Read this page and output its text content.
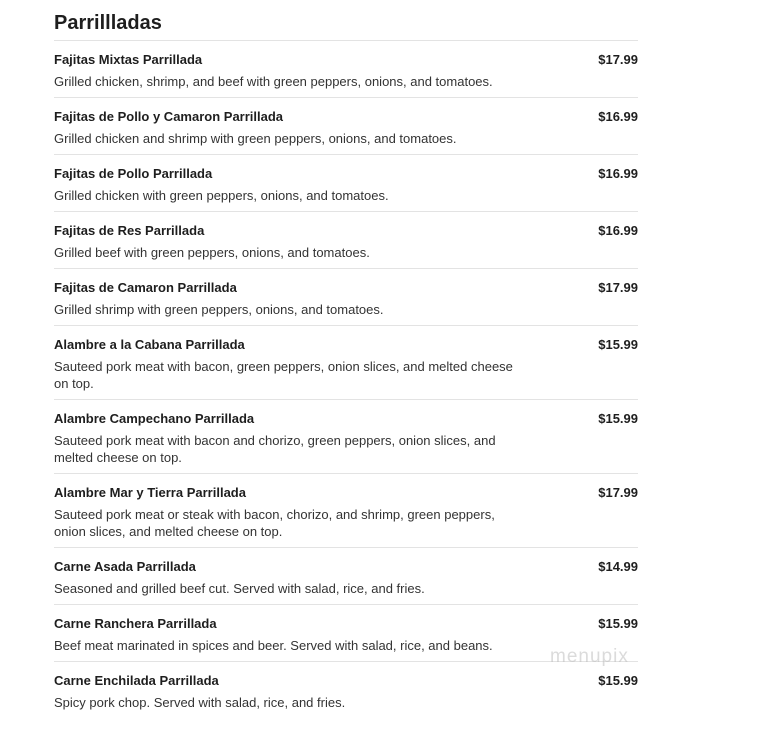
Parrillladas
Fajitas Mixtas Parrillada	$17.99
Grilled chicken, shrimp, and beef with green peppers, onions, and tomatoes.
Fajitas de Pollo y Camaron Parrillada	$16.99
Grilled chicken and shrimp with green peppers, onions, and tomatoes.
Fajitas de Pollo Parrillada	$16.99
Grilled chicken with green peppers, onions, and tomatoes.
Fajitas de Res Parrillada	$16.99
Grilled beef with green peppers, onions, and tomatoes.
Fajitas de Camaron Parrillada	$17.99
Grilled shrimp with green peppers, onions, and tomatoes.
Alambre a la Cabana Parrillada	$15.99
Sauteed pork meat with bacon, green peppers, onion slices, and melted cheese on top.
Alambre Campechano Parrillada	$15.99
Sauteed pork meat with bacon and chorizo, green peppers, onion slices, and melted cheese on top.
Alambre Mar y Tierra Parrillada	$17.99
Sauteed pork meat or steak with bacon, chorizo, and shrimp, green peppers, onion slices, and melted cheese on top.
Carne Asada Parrillada	$14.99
Seasoned and grilled beef cut. Served with salad, rice, and fries.
Carne Ranchera Parrillada	$15.99
Beef meat marinated in spices and beer. Served with salad, rice, and beans.
Carne Enchilada Parrillada	$15.99
Spicy pork chop. Served with salad, rice, and fries.
menupix
